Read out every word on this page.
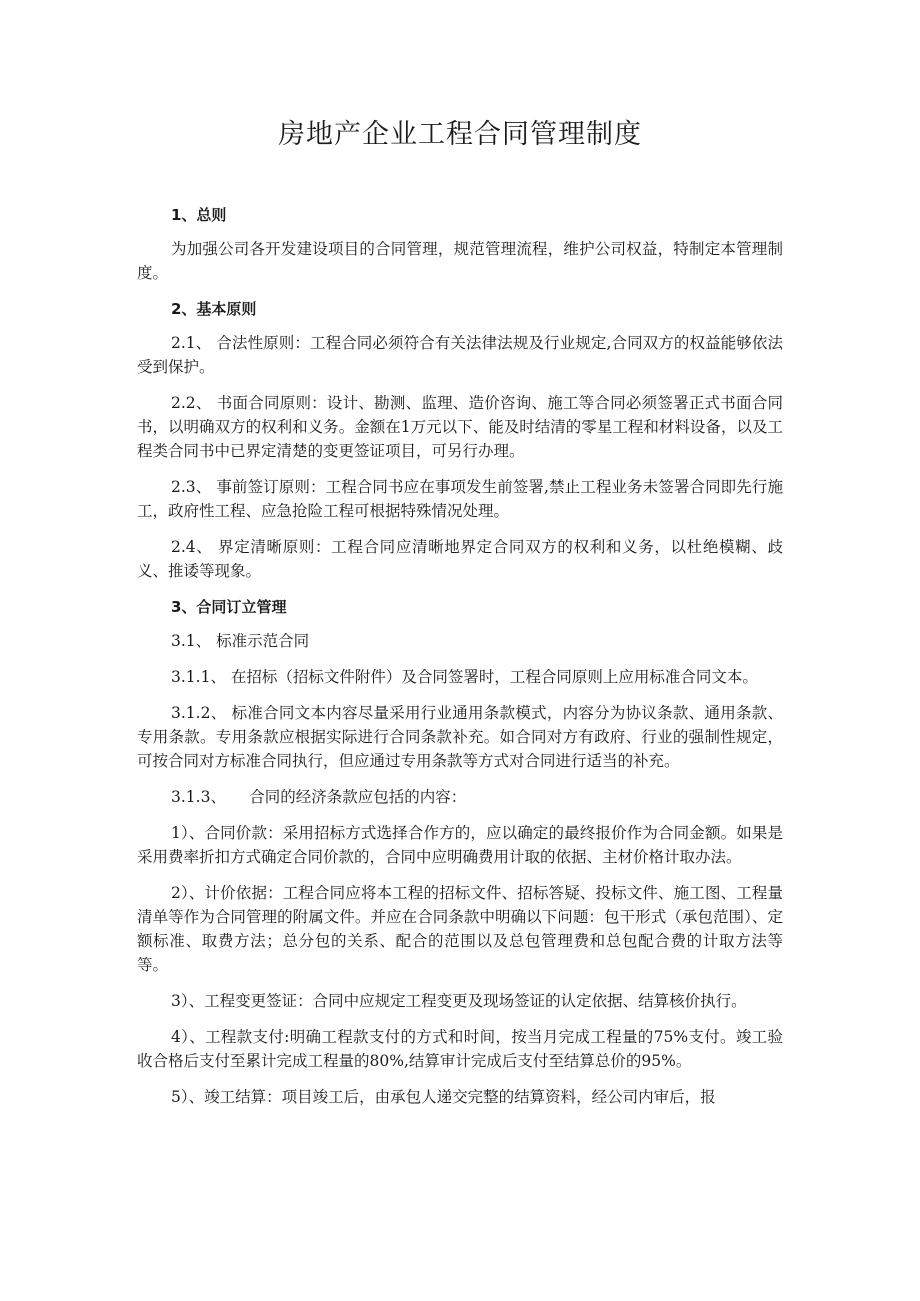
房地产企业工程合同管理制度
1、总则

为加强公司各开发建设项目的合同管理，规范管理流程，维护公司权益，特制定本管理制度。

2、基本原则

2.1、 合法性原则：工程合同必须符合有关法律法规及行业规定,合同双方的权益能够依法受到保护。

2.2、 书面合同原则：设计、勘测、监理、造价咨询、施工等合同必须签署正式书面合同书，以明确双方的权利和义务。金额在1万元以下、能及时结清的零星工程和材料设备，以及工程类合同书中已界定清楚的变更签证项目，可另行办理。

2.3、 事前签订原则：工程合同书应在事项发生前签署,禁止工程业务未签署合同即先行施工，政府性工程、应急抢险工程可根据特殊情况处理。

2.4、 界定清晰原则：工程合同应清晰地界定合同双方的权利和义务，以杜绝模糊、歧义、推诿等现象。

3、合同订立管理

3.1、 标准示范合同

3.1.1、 在招标（招标文件附件）及合同签署时，工程合同原则上应用标准合同文本。

3.1.2、 标准合同文本内容尽量采用行业通用条款模式，内容分为协议条款、通用条款、专用条款。专用条款应根据实际进行合同条款补充。如合同对方有政府、行业的强制性规定，可按合同对方标准合同执行，但应通过专用条款等方式对合同进行适当的补充。

3.1.3、　　合同的经济条款应包括的内容：

1）、合同价款：采用招标方式选择合作方的，应以确定的最终报价作为合同金额。如果是采用费率折扣方式确定合同价款的，合同中应明确费用计取的依据、主材价格计取办法。

2）、计价依据：工程合同应将本工程的招标文件、招标答疑、投标文件、施工图、工程量清单等作为合同管理的附属文件。并应在合同条款中明确以下问题：包干形式（承包范围）、定额标准、取费方法；总分包的关系、配合的范围以及总包管理费和总包配合费的计取方法等等。

3）、工程变更签证：合同中应规定工程变更及现场签证的认定依据、结算核价执行。

4）、工程款支付:明确工程款支付的方式和时间，按当月完成工程量的75%支付。竣工验收合格后支付至累计完成工程量的80%,结算审计完成后支付至结算总价的95%。

5）、竣工结算：项目竣工后，由承包人递交完整的结算资料，经公司内审后，报
